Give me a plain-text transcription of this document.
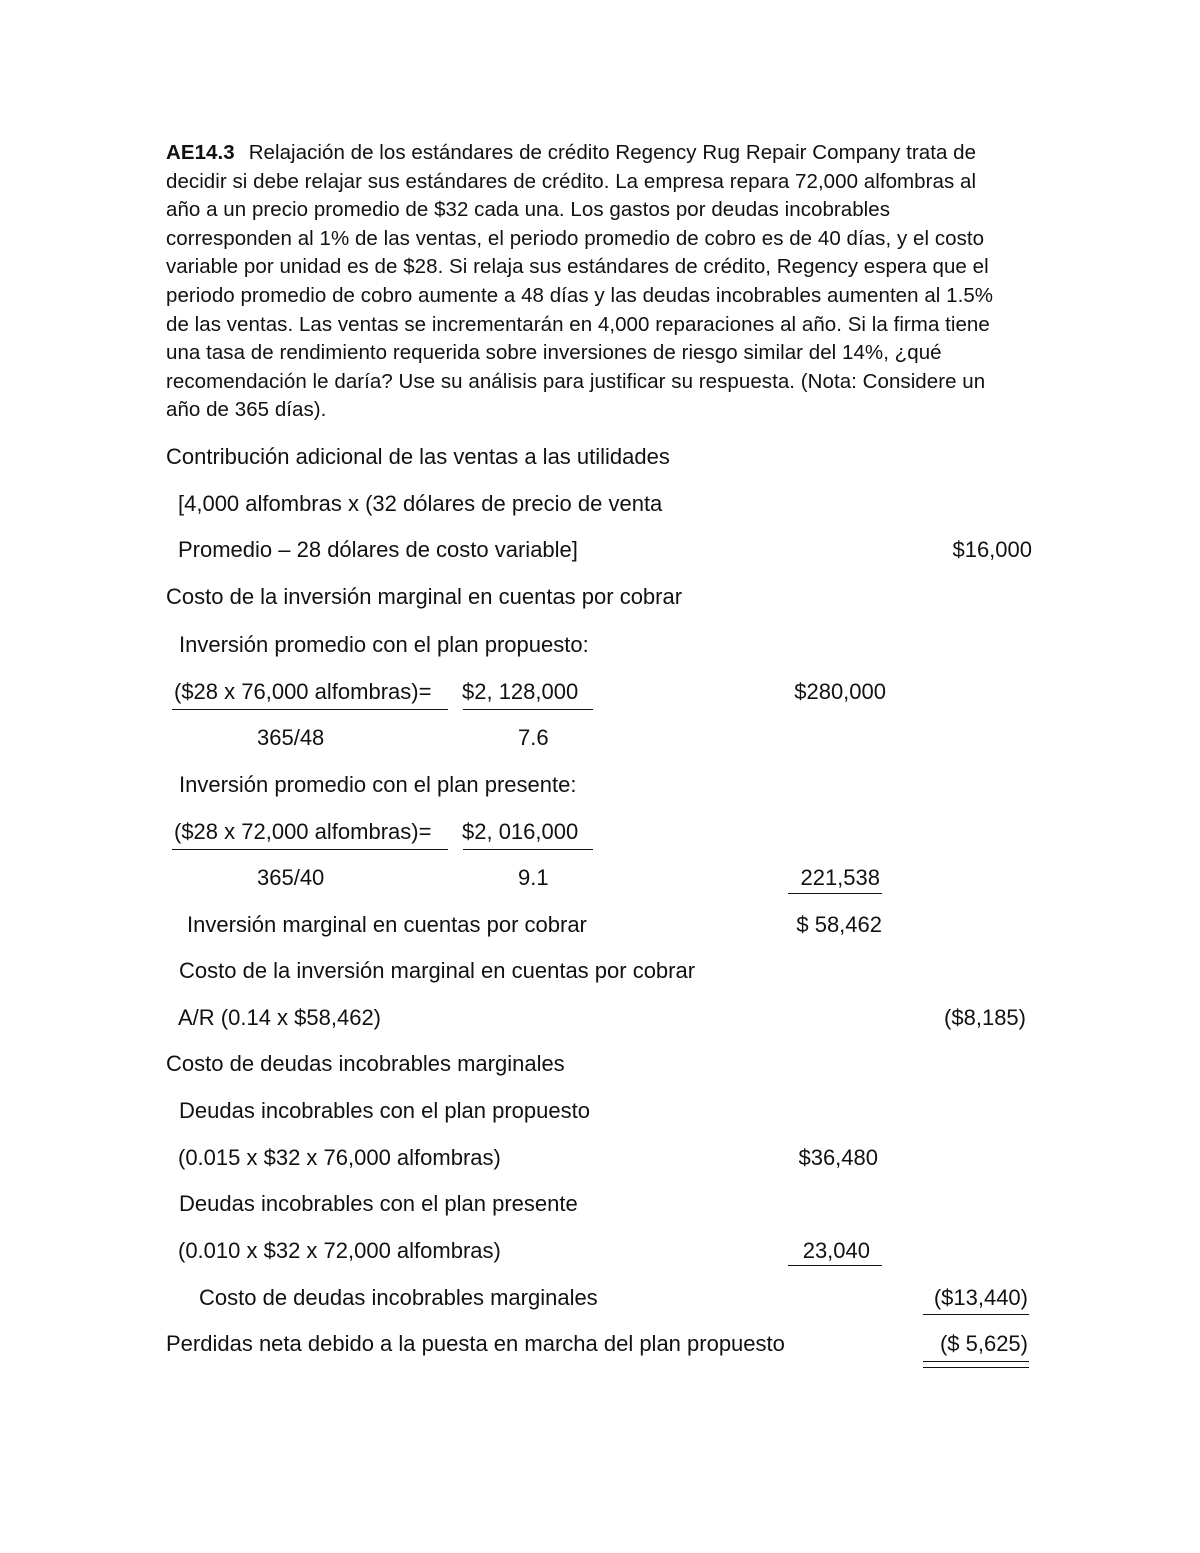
AE14.3 Relajación de los estándares de crédito Regency Rug Repair Company trata de
decidir si debe relajar sus estándares de crédito. La empresa repara 72,000 alfombras al
año a un precio promedio de $32 cada una. Los gastos por deudas incobrables
corresponden al 1% de las ventas, el periodo promedio de cobro es de 40 días, y el costo
variable por unidad es de $28. Si relaja sus estándares de crédito, Regency espera que el
periodo promedio de cobro aumente a 48 días y las deudas incobrables aumenten al 1.5%
de las ventas. Las ventas se incrementarán en 4,000 reparaciones al año. Si la firma tiene
una tasa de rendimiento requerida sobre inversiones de riesgo similar del 14%, ¿qué
recomendación le daría? Use su análisis para justificar su respuesta. (Nota: Considere un
año de 365 días).
Contribución adicional de las ventas a las utilidades
[4,000 alfombras x (32 dólares de precio de venta
Promedio – 28 dólares de costo variable]	$16,000
Costo de la inversión marginal en cuentas por cobrar
Inversión promedio con el plan propuesto:
($28 x 76,000 alfombras)= $2, 128,000	$280,000
365/48	7.6
Inversión promedio con el plan presente:
($28 x 72,000 alfombras)= $2, 016,000
365/40	9.1	221,538
Inversión marginal en cuentas por cobrar	$ 58,462
Costo de la inversión marginal en cuentas por cobrar
A/R (0.14 x $58,462)	($8,185)
Costo de deudas incobrables marginales
Deudas incobrables con el plan propuesto
(0.015 x $32 x 76,000 alfombras)	$36,480
Deudas incobrables con el plan presente
(0.010 x $32 x 72,000 alfombras)	23,040
Costo de deudas incobrables marginales	($13,440)
Perdidas neta debido a la puesta en marcha del plan propuesto	($ 5,625)
